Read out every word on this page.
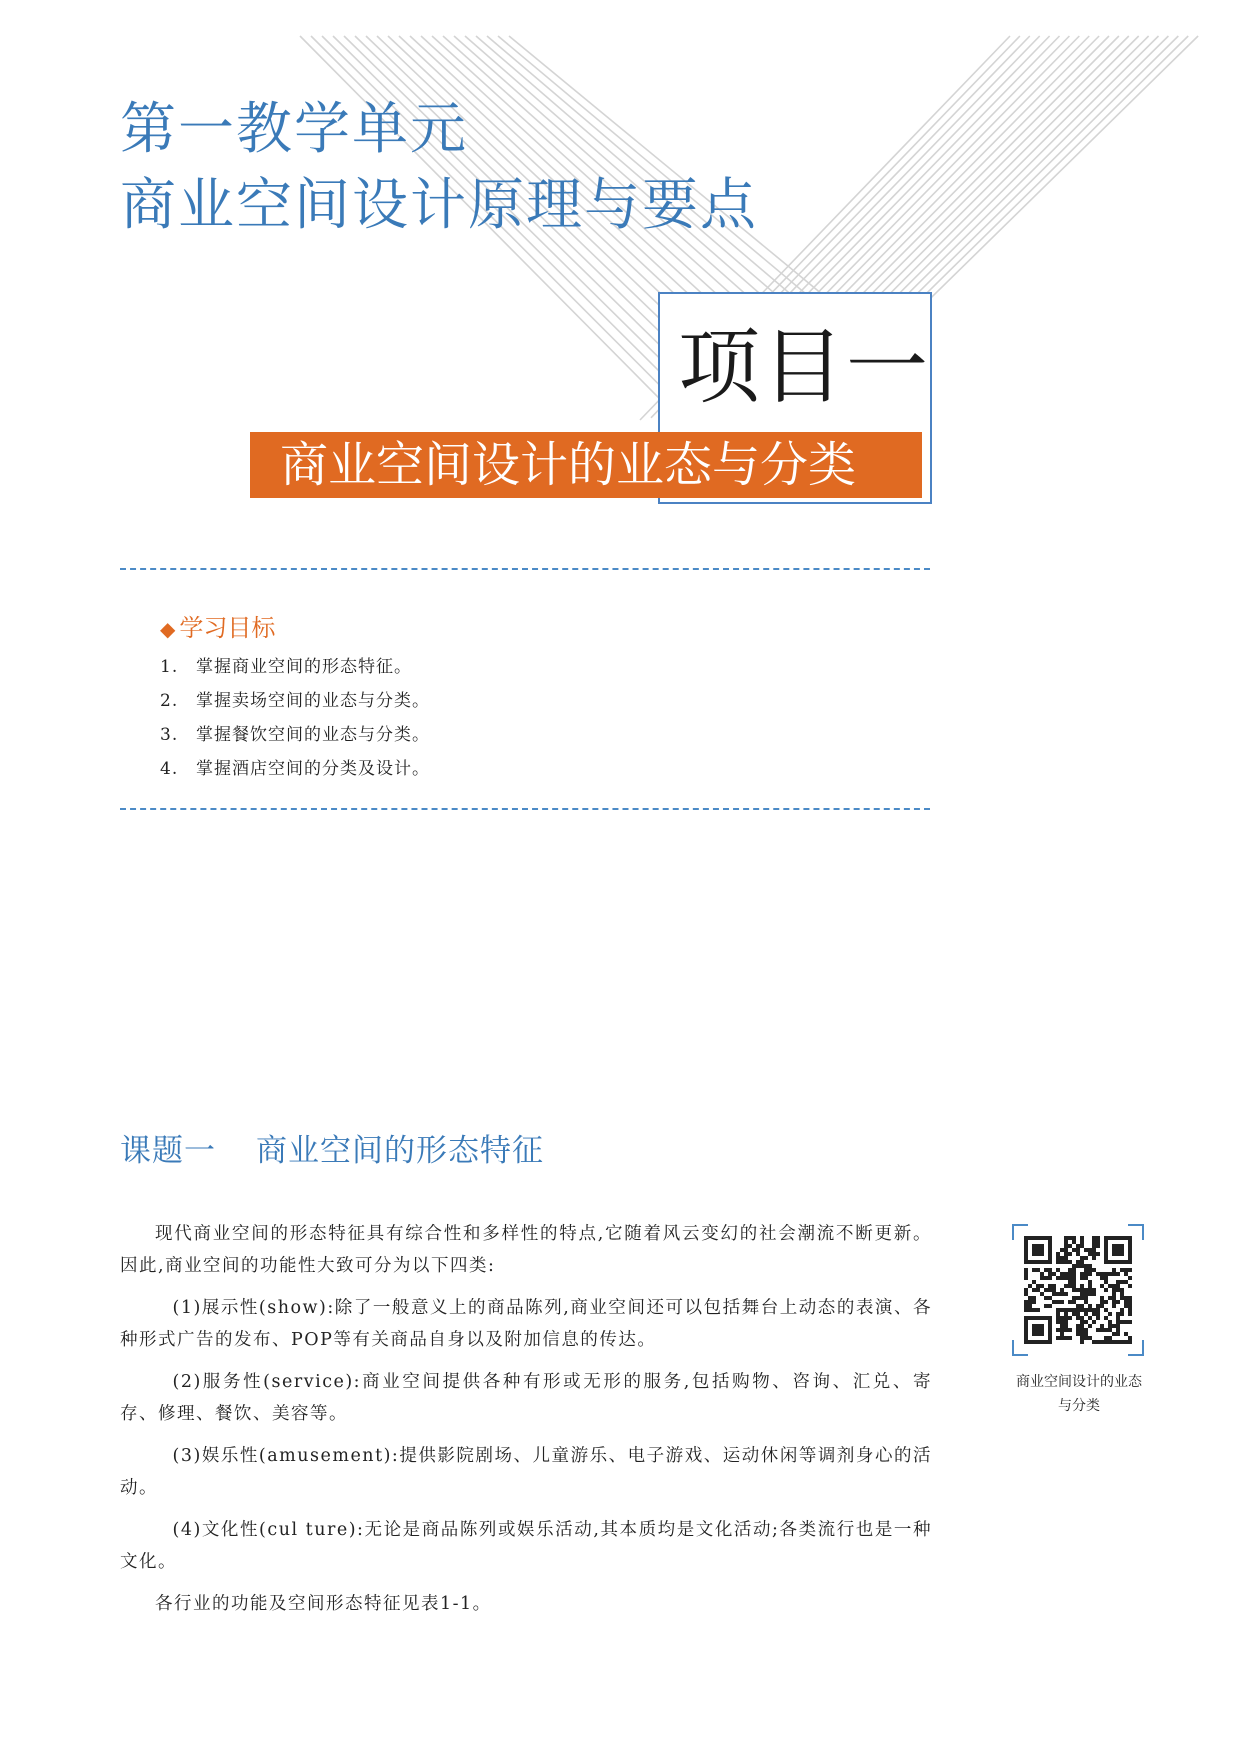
第一教学单元
商业空间设计原理与要点
项目一
商业空间设计的业态与分类
◆ 学习目标
1. 掌握商业空间的形态特征。
2. 掌握卖场空间的业态与分类。
3. 掌握餐饮空间的业态与分类。
4. 掌握酒店空间的分类及设计。
课题一 商业空间的形态特征

现代商业空间的形态特征具有综合性和多样性的特点,它随着风云变幻的社会潮流不断更新。因此,商业空间的功能性大致可分为以下四类:

(1)展示性(show):除了一般意义上的商品陈列,商业空间还可以包括舞台上动态的表演、各种形式广告的发布、POP等有关商品自身以及附加信息的传达。

(2)服务性(service):商业空间提供各种有形或无形的服务,包括购物、咨询、汇兑、寄存、修理、餐饮、美容等。

(3)娱乐性(amusement):提供影院剧场、儿童游乐、电子游戏、运动休闲等调剂身心的活动。

(4)文化性(cul ture):无论是商品陈列或娱乐活动,其本质均是文化活动;各类流行也是一种文化。

各行业的功能及空间形态特征见表1-1。

商业空间设计的业态
与分类
